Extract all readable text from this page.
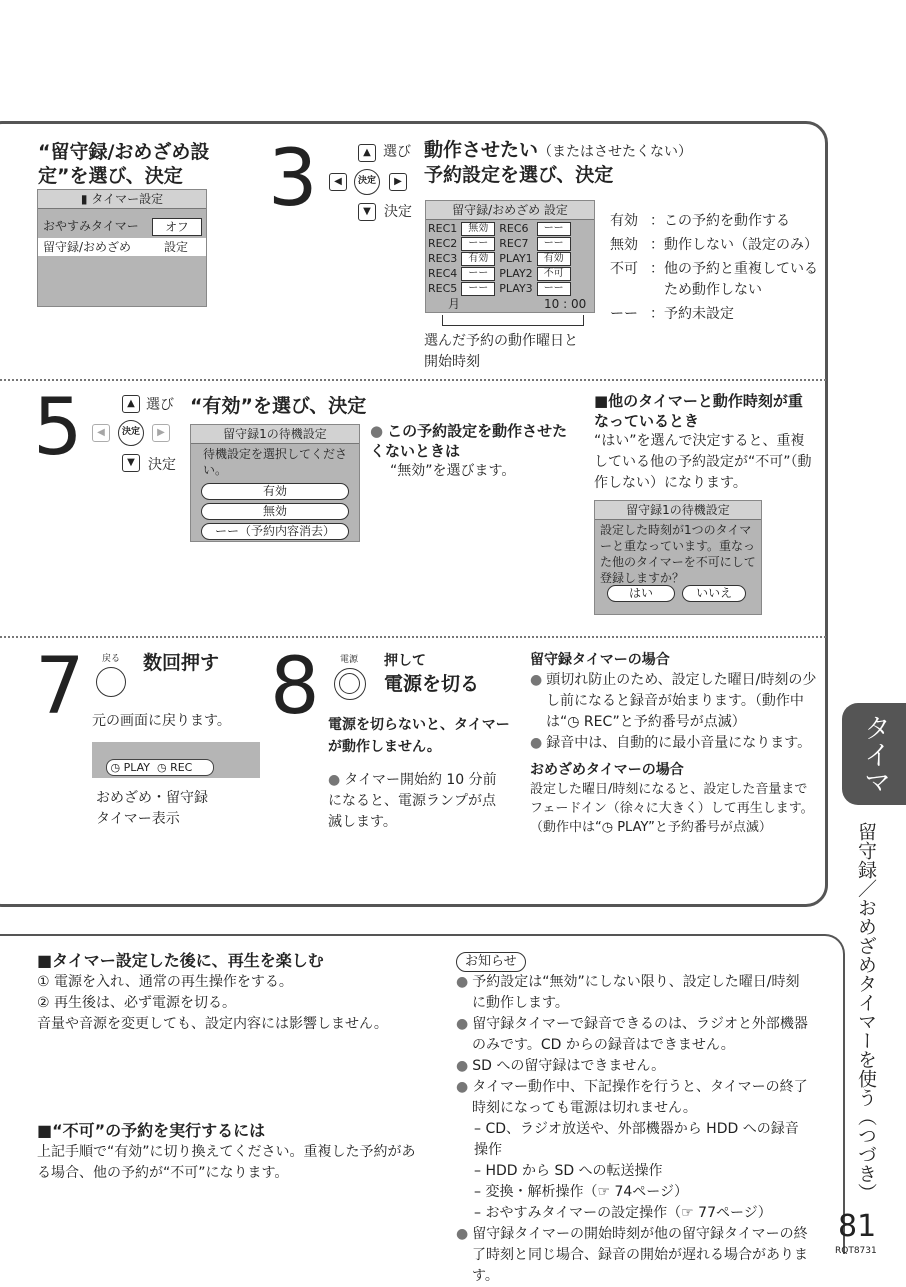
“留守録/おめざめ設定”を選び、決定
▮ タイマー設定
おやすみタイマー	オフ
留守録/おめざめ	設定
3	▲
◀	▶
▼
決定
選び
決定
動作させたい（またはさせたくない）
予約設定を選び、決定
留守録/おめざめ 設定
REC1	無効	REC6	ーー
REC2	ーー	REC7	ーー
REC3	有効	PLAY1	有効
REC4	ーー	PLAY2	不可
REC5	ーー	PLAY3	ーー
月	10 : 00
選んだ予約の動作曜日と開始時刻
有効 ： この予約を動作する
無効 ： 動作しない（設定のみ）
不可 ： 他の予約と重複しているため動作しない
ーー ： 予約未設定
5	▲
◀	▶
▼
決定
選び
決定
“有効”を選び、決定
留守録1の待機設定
待機設定を選択してください。
有効
無効
ーー（予約内容消去）
● この予約設定を動作させたくないときは
“無効”を選びます。
■他のタイマーと動作時刻が重なっているとき
“はい”を選んで決定すると、重複している他の予約設定が“不可”（動作しない）になります。
留守録1の待機設定
設定した時刻が1つのタイマーと重なっています。重なった他のタイマーを不可にして登録しますか？
はい	いいえ
7 戻る 数回押す
元の画面に戻ります。
◷ PLAY  ◷ REC
おめざめ・留守録タイマー表示
8 電源 押して
電源を切る
電源を切らないと、タイマーが動作しません。
● タイマー開始約 10 分前になると、電源ランプが点滅します。
留守録タイマーの場合
● 頭切れ防止のため、設定した曜日/時刻の少し前になると録音が始まります。（動作中は“◷ REC”と予約番号が点滅）
● 録音中は、自動的に最小音量になります。
おめざめタイマーの場合
設定した曜日/時刻になると、設定した音量までフェードイン（徐々に大きく）して再生します。（動作中は“◷ PLAY”と予約番号が点滅）
タイマー
留守録／おめざめタイマーを使う（つづき）
■タイマー設定した後に、再生を楽しむ
① 電源を入れ、通常の再生操作をする。
② 再生後は、必ず電源を切る。
音量や音源を変更しても、設定内容には影響しません。
■“不可”の予約を実行するには
上記手順で“有効”に切り換えてください。重複した予約がある場合、他の予約が“不可”になります。
お知らせ
● 予約設定は“無効”にしない限り、設定した曜日/時刻に動作します。
● 留守録タイマーで録音できるのは、ラジオと外部機器のみです。CD からの録音はできません。
● SD への留守録はできません。
● タイマー動作中、下記操作を行うと、タイマーの終了時刻になっても電源は切れません。
– CD、ラジオ放送や、外部機器から HDD への録音操作
– HDD から SD への転送操作
– 変換・解析操作（☞ 74ページ）
– おやすみタイマーの設定操作（☞ 77ページ）
● 留守録タイマーの開始時刻が他の留守録タイマーの終了時刻と同じ場合、録音の開始が遅れる場合があります。
81
RQT8731
